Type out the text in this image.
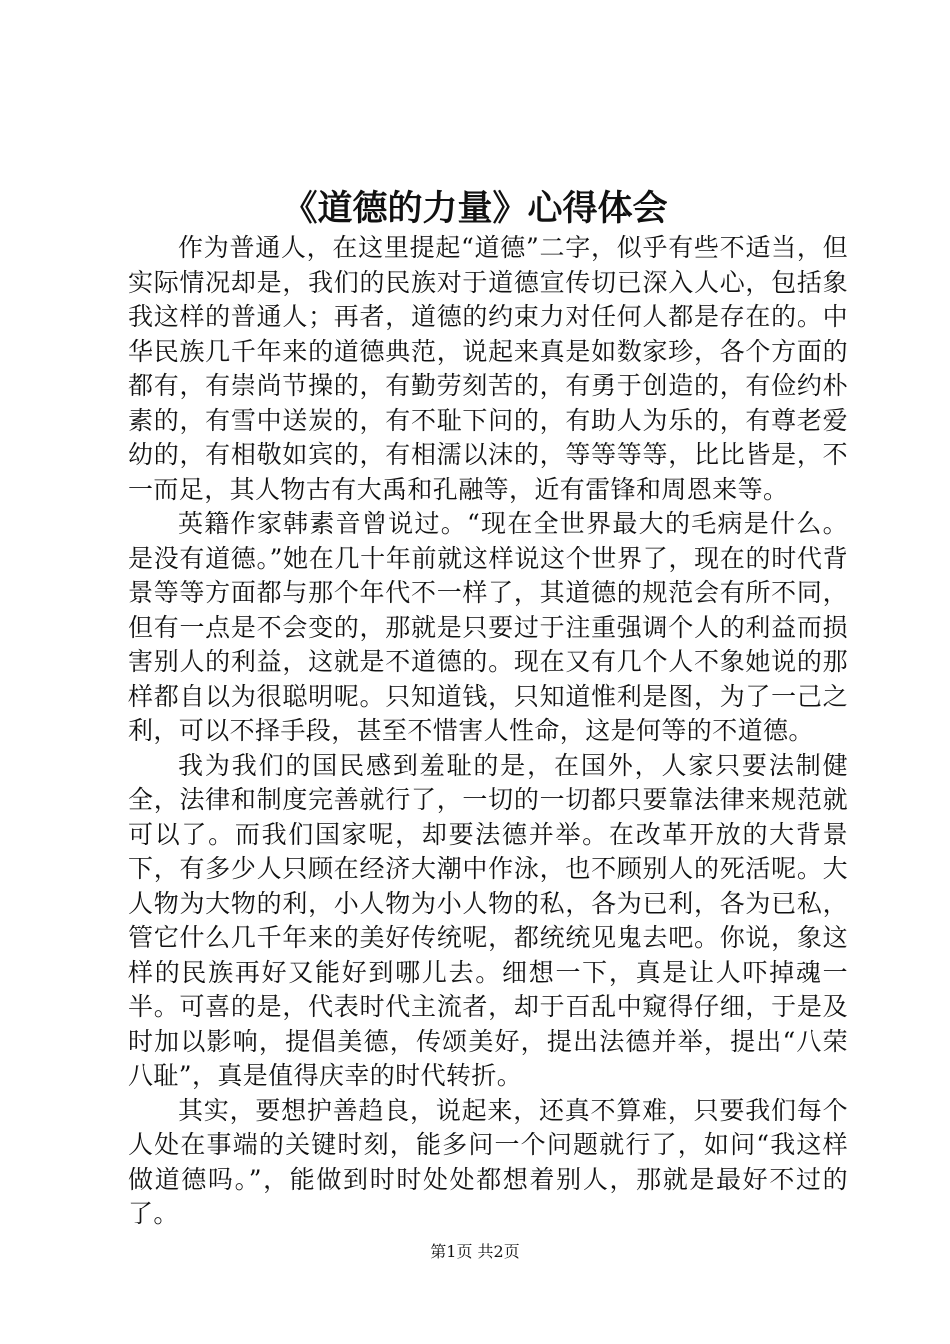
《道德的力量》心得体会

作为普通人，在这里提起“道德”二字，似乎有些不适当，但实际情况却是，我们的民族对于道德宣传切已深入人心，包括象我这样的普通人；再者，道德的约束力对任何人都是存在的。中华民族几千年来的道德典范，说起来真是如数家珍，各个方面的都有，有崇尚节操的，有勤劳刻苦的，有勇于创造的，有俭约朴素的，有雪中送炭的，有不耻下问的，有助人为乐的，有尊老爱幼的，有相敬如宾的，有相濡以沫的，等等等等，比比皆是，不一而足，其人物古有大禹和孔融等，近有雷锋和周恩来等。

英籍作家韩素音曾说过。“现在全世界最大的毛病是什么。是没有道德。”她在几十年前就这样说这个世界了，现在的时代背景等等方面都与那个年代不一样了，其道德的规范会有所不同，但有一点是不会变的，那就是只要过于注重强调个人的利益而损害别人的利益，这就是不道德的。现在又有几个人不象她说的那样都自以为很聪明呢。只知道钱，只知道惟利是图，为了一己之利，可以不择手段，甚至不惜害人性命，这是何等的不道德。

我为我们的国民感到羞耻的是，在国外，人家只要法制健全，法律和制度完善就行了，一切的一切都只要靠法律来规范就可以了。而我们国家呢，却要法德并举。在改革开放的大背景下，有多少人只顾在经济大潮中作泳，也不顾别人的死活呢。大人物为大物的利，小人物为小人物的私，各为已利，各为已私，管它什么几千年来的美好传统呢，都统统见鬼去吧。你说，象这样的民族再好又能好到哪儿去。细想一下，真是让人吓掉魂一半。可喜的是，代表时代主流者，却于百乱中窥得仔细，于是及时加以影响，提倡美德，传颂美好，提出法德并举，提出“八荣八耻”，真是值得庆幸的时代转折。

其实，要想护善趋良，说起来，还真不算难，只要我们每个人处在事端的关键时刻，能多问一个问题就行了，如问“我这样做道德吗。”，能做到时时处处都想着别人，那就是最好不过的了。

第1页 共2页
